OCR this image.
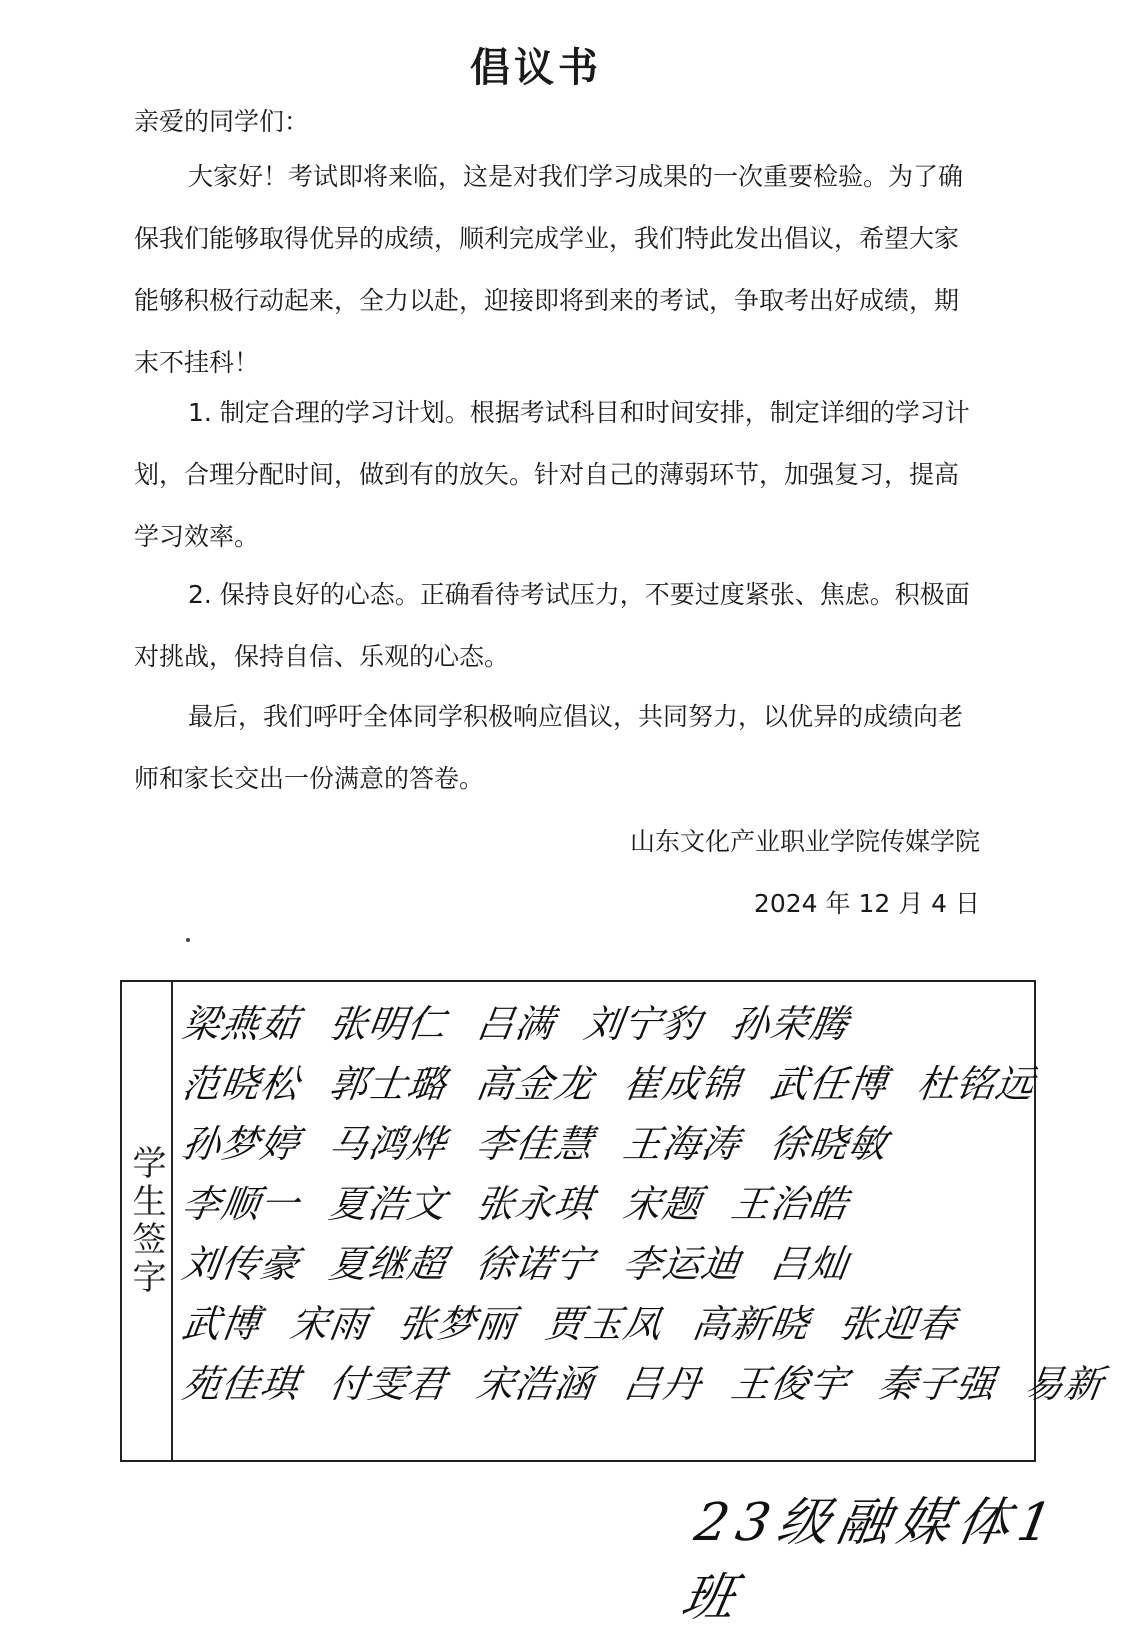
倡议书
亲爱的同学们：
大家好！考试即将来临，这是对我们学习成果的一次重要检验。为了确保我们能够取得优异的成绩，顺利完成学业，我们特此发出倡议，希望大家能够积极行动起来，全力以赴，迎接即将到来的考试，争取考出好成绩，期末不挂科！
1. 制定合理的学习计划。根据考试科目和时间安排，制定详细的学习计划，合理分配时间，做到有的放矢。针对自己的薄弱环节，加强复习，提高学习效率。
2. 保持良好的心态。正确看待考试压力，不要过度紧张、焦虑。积极面对挑战，保持自信、乐观的心态。
最后，我们呼吁全体同学积极响应倡议，共同努力，以优异的成绩向老师和家长交出一份满意的答卷。
山东文化产业职业学院传媒学院
2024 年 12 月 4 日
学生签字
梁燕茹 张明仁 吕满 刘宁豹 孙荣腾
范晓松 郭士璐 高金龙 崔成锦 武任博 杜铭远
孙梦婷 马鸿烨 李佳慧 王海涛 徐晓敏
李顺一 夏浩文 张永琪 宋题 王治皓
刘传豪 夏继超 徐诺宁 李运迪 吕灿
武博 宋雨 张梦丽 贾玉凤 高新晓 张迎春
苑佳琪 付雯君 宋浩涵 吕丹 王俊宇 秦子强 易新
23级融媒体1班
